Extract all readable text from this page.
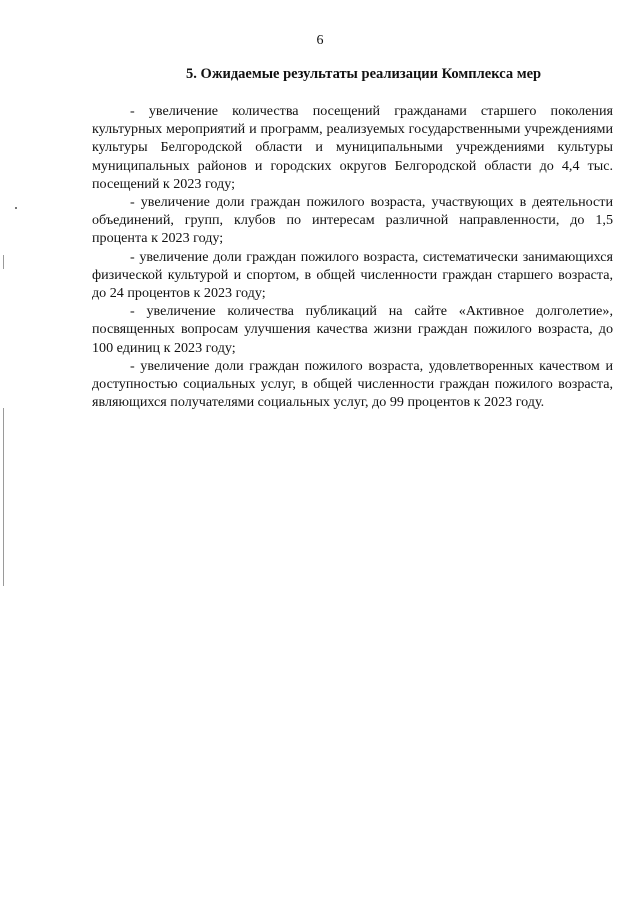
6
5. Ожидаемые результаты реализации Комплекса мер

- увеличение количества посещений гражданами старшего поколения культурных мероприятий и программ, реализуемых государственными учреждениями культуры Белгородской области и муниципальными учреждениями культуры муниципальных районов и городских округов Белгородской области до 4,4 тыс. посещений к 2023 году;

- увеличение доли граждан пожилого возраста, участвующих в деятельности объединений, групп, клубов по интересам различной направленности, до 1,5 процента к 2023 году;

- увеличение доли граждан пожилого возраста, систематически занимающихся физической культурой и спортом, в общей численности граждан старшего возраста, до 24 процентов к 2023 году;

- увеличение количества публикаций на сайте «Активное долголетие», посвященных вопросам улучшения качества жизни граждан пожилого возраста, до 100 единиц к 2023 году;

- увеличение доли граждан пожилого возраста, удовлетворенных качеством и доступностью социальных услуг, в общей численности граждан пожилого возраста, являющихся получателями социальных услуг, до 99 процентов к 2023 году.
